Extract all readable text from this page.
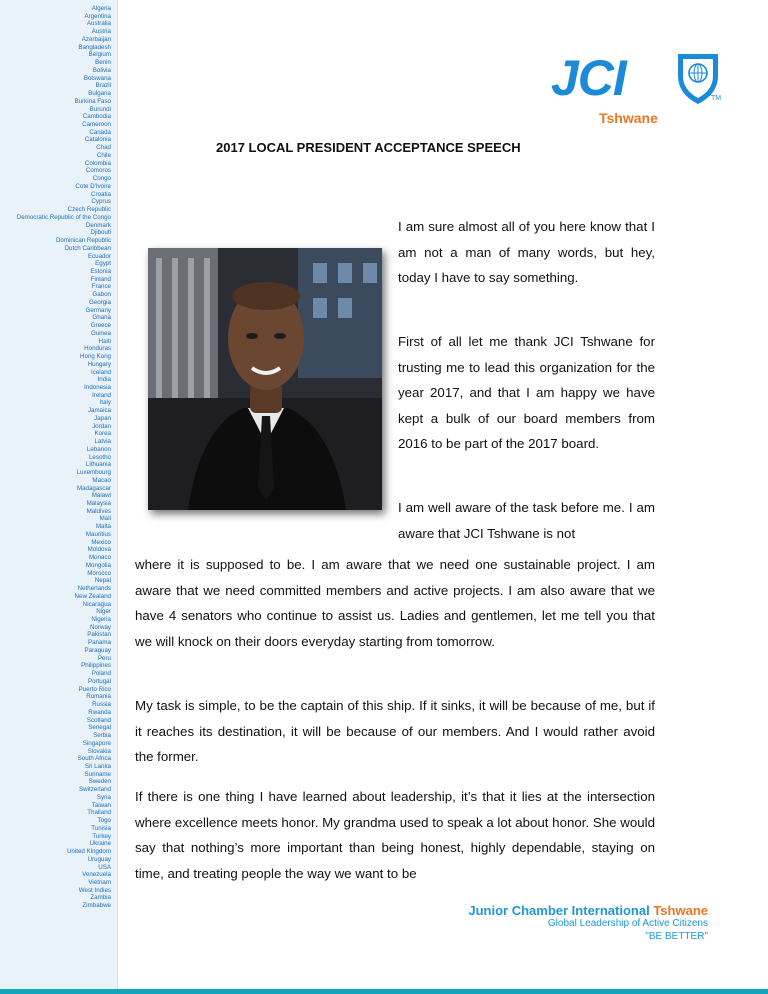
Algeria
Argentina
Australia
Austria
Azerbaijan
Bangladesh
Belgium
Benin
Bolivia
Botswana
Brazil
Bulgaria
Burkina Faso
Burundi
Cambodia
Cameroon
Canada
Catalonia
Chad
Chile
Colombia
Comoros
Congo
Cote D'Ivoire
Croatia
Cyprus
Czech Republic
Democratic Republic of the Congo
Denmark
Djibouti
Dominican Republic
Dutch Caribbean
Ecuador
Egypt
Estonia
Finland
France
Gabon
Georgia
Germany
Ghana
Greece
Guinea
Haiti
Honduras
Hong Kong
Hungary
Iceland
India
Indonesia
Ireland
Italy
Jamaica
Japan
Jordan
Korea
Latvia
Lebanon
Lesotho
Lithuania
Luxembourg
Macao
Madagascar
Malawi
Malaysia
Maldives
Mali
Malta
Mauritius
Mexico
Moldova
Monaco
Mongolia
Morocco
Nepal
Netherlands
New Zealand
Nicaragua
Niger
Nigeria
Norway
Pakistan
Panama
Paraguay
Peru
Philippines
Poland
Portugal
Puerto Rico
Romania
Russia
Rwanda
Scotland
Senegal
Serbia
Singapore
Slovakia
South Africa
Sri Lanka
Suriname
Sweden
Switzerland
Syria
Taiwan
Thailand
Togo
Tunisia
Turkey
Ukraine
United Kingdom
Uruguay
USA
Venezuela
Vietnam
West Indies
Zambia
Zimbabwe
JCI	TM
Tshwane
2017 LOCAL PRESIDENT ACCEPTANCE SPEECH

I am sure almost all of you here know that I am not a man of many words, but hey, today I have to say something.

First of all let me thank JCI Tshwane for trusting me to lead this organization for the year 2017, and that I am happy we have kept a bulk of our board members from 2016 to be part of the 2017 board.

I am well aware of the task before me. I am aware that JCI Tshwane is not

where it is supposed to be. I am aware that we need one sustainable project. I am aware that we need committed members and active projects. I am also aware that we have 4 senators who continue to assist us. Ladies and gentlemen, let me tell you that we will knock on their doors everyday starting from tomorrow.

My task is simple, to be the captain of this ship. If it sinks, it will be because of me, but if it reaches its destination, it will be because of our members. And I would rather avoid the former.

If there is one thing I have learned about leadership, it’s that it lies at the intersection where excellence meets honor. My grandma used to speak a lot about honor. She would say that nothing’s more important than being honest, highly dependable, staying on time, and treating people the way we want to be

Junior Chamber International Tshwane
Global Leadership of Active Citizens
"BE BETTER"
